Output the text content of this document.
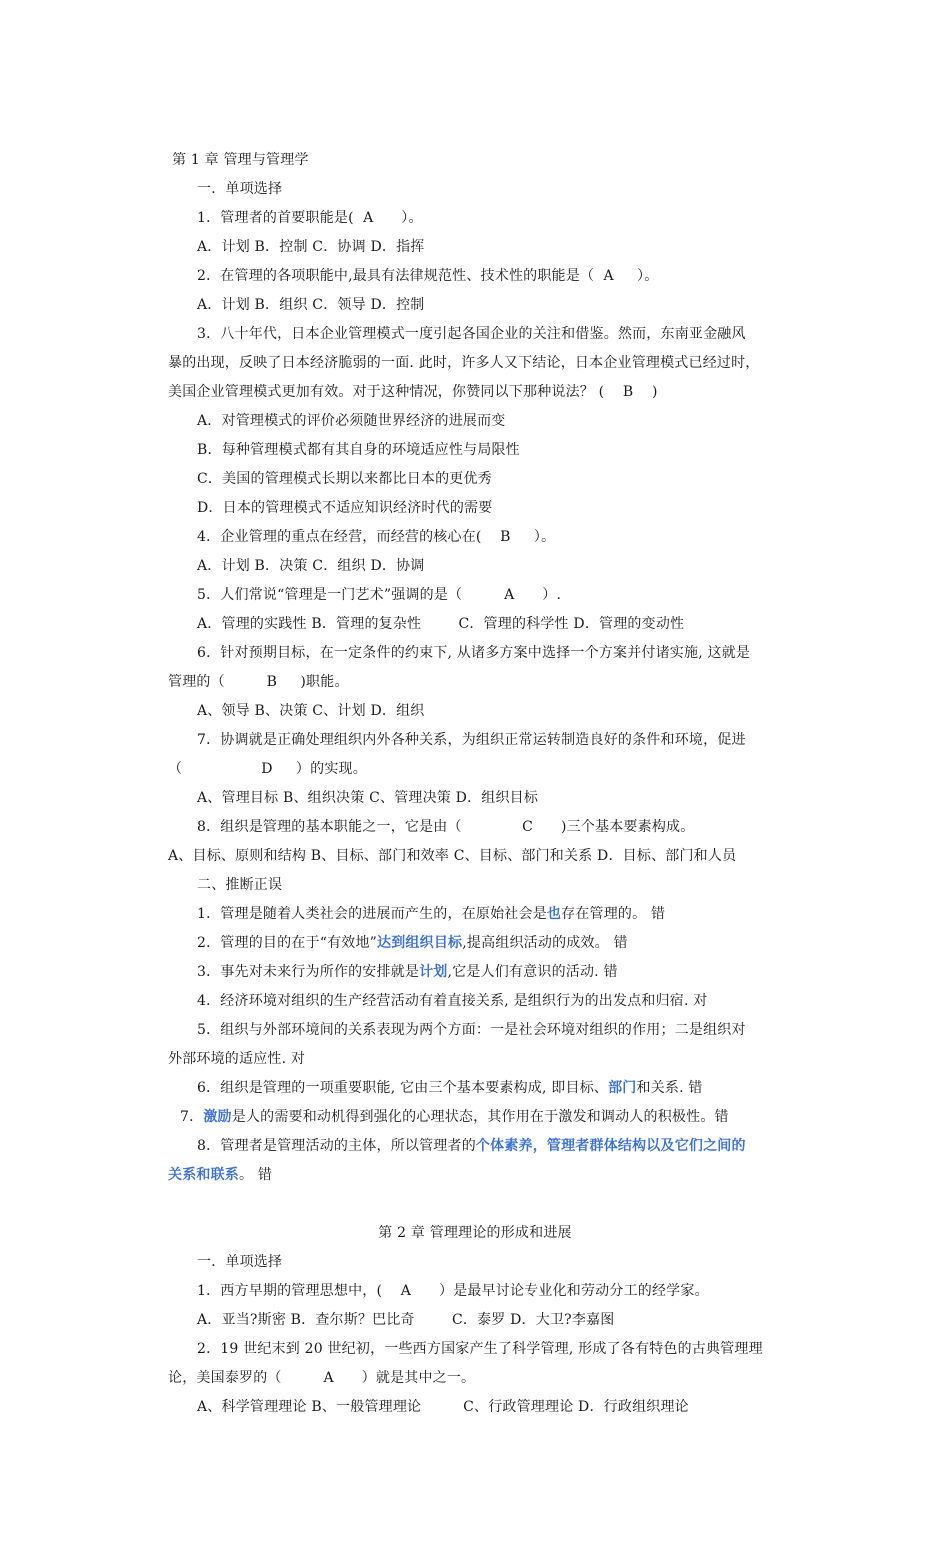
第 1 章 管理与管理学
一．单项选择
1．管理者的首要职能是(  A      ）。
A．计划 B．控制 C．协调 D．指挥
2．在管理的各项职能中,最具有法律规范性、技术性的职能是（  A     ）。
A．计划 B．组织 C．领导 D．控制
3．八十年代，日本企业管理模式一度引起各国企业的关注和借鉴。然而，东南亚金融风
暴的出现，反映了日本经济脆弱的一面. 此时，许多人又下结论，日本企业管理模式已经过时，
美国企业管理模式更加有效。对于这种情况，你赞同以下那种说法？ (    B    )
A．对管理模式的评价必须随世界经济的进展而变
B．每种管理模式都有其自身的环境适应性与局限性
C．美国的管理模式长期以来都比日本的更优秀
D．日本的管理模式不适应知识经济时代的需要
4．企业管理的重点在经营，而经营的核心在(    B     ）。
A．计划 B．决策 C．组织 D．协调
5．人们常说“管理是一门艺术”强调的是（         A      ）.
A．管理的实践性 B．管理的复杂性        C．管理的科学性 D．管理的变动性
6．针对预期目标，在一定条件的约束下, 从诸多方案中选择一个方案并付诸实施, 这就是
管理的（         B     )职能。
A、领导 B、决策 C、计划 D．组织
7．协调就是正确处理组织内外各种关系，为组织正常运转制造良好的条件和环境，促进
（                 D     ）的实现。
A、管理目标 B、组织决策 C、管理决策 D．组织目标
8．组织是管理的基本职能之一，它是由（             C      )三个基本要素构成。
A、目标、原则和结构 B、目标、部门和效率 C、目标、部门和关系 D．目标、部门和人员
二、推断正误
1．管理是随着人类社会的进展而产生的，在原始社会是也存在管理的。 错
2．管理的目的在于“有效地”达到组织目标,提高组织活动的成效。 错
3．事先对未来行为所作的安排就是计划,它是人们有意识的活动. 错
4．经济环境对组织的生产经营活动有着直接关系, 是组织行为的出发点和归宿. 对
5．组织与外部环境间的关系表现为两个方面：一是社会环境对组织的作用；二是组织对
外部环境的适应性. 对
6．组织是管理的一项重要职能, 它由三个基本要素构成, 即目标、部门和关系. 错
7．激励是人的需要和动机得到强化的心理状态，其作用在于激发和调动人的积极性。错
8．管理者是管理活动的主体，所以管理者的个体素养，管理者群体结构以及它们之间的
关系和联系。 错
第 2 章 管理理论的形成和进展
一．单项选择
1．西方早期的管理思想中，(    A      ）是最早讨论专业化和劳动分工的经学家。
A．亚当?斯密 B．查尔斯？巴比奇        C．泰罗 D．大卫?李嘉图
2．19 世纪末到 20 世纪初，一些西方国家产生了科学管理, 形成了各有特色的古典管理理
论，美国泰罗的（         A      ）就是其中之一。
A、科学管理理论 B、一般管理理论         C、行政管理理论 D．行政组织理论
